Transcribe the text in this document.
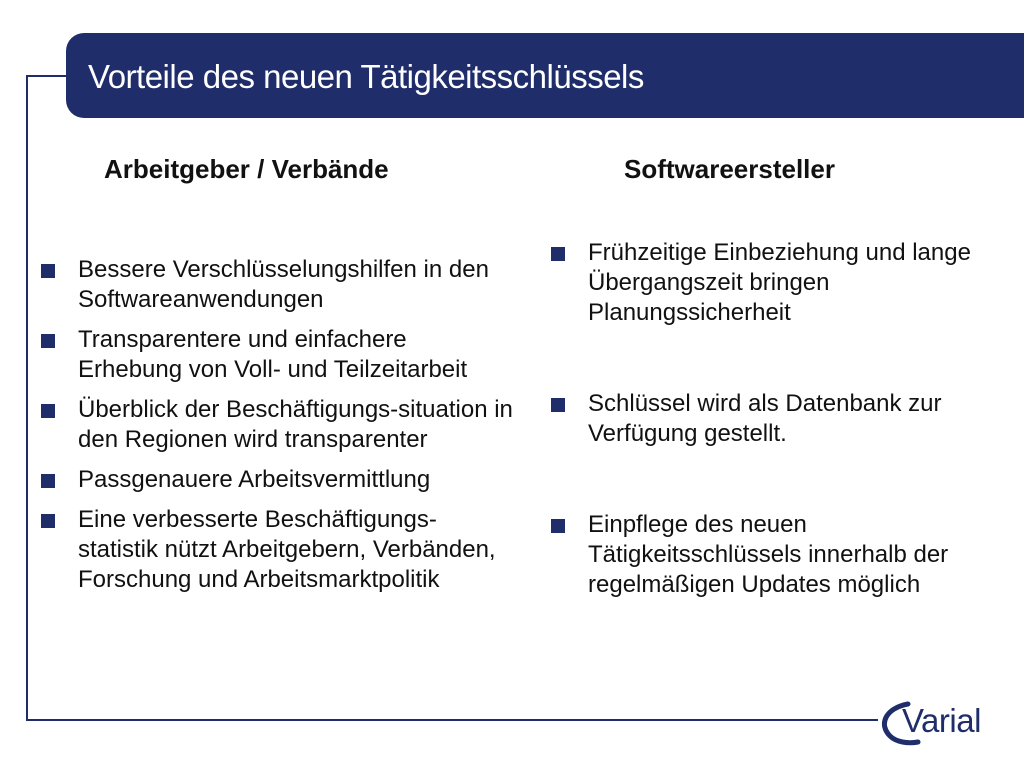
Vorteile des neuen Tätigkeitsschlüssels
Arbeitgeber / Verbände	Softwareersteller
Bessere Verschlüsselungshilfen in den Softwareanwendungen
Transparentere und einfachere Erhebung von Voll- und Teilzeitarbeit
Überblick der Beschäftigungs-situation in den Regionen wird transparenter
Passgenauere Arbeitsvermittlung
Eine verbesserte Beschäftigungs-statistik nützt Arbeitgebern, Verbänden, Forschung und Arbeitsmarktpolitik
Frühzeitige Einbeziehung und lange Übergangszeit bringen Planungssicherheit
Schlüssel wird als Datenbank zur Verfügung gestellt.
Einpflege des neuen Tätigkeitsschlüssels innerhalb der regelmäßigen Updates möglich
Varial
